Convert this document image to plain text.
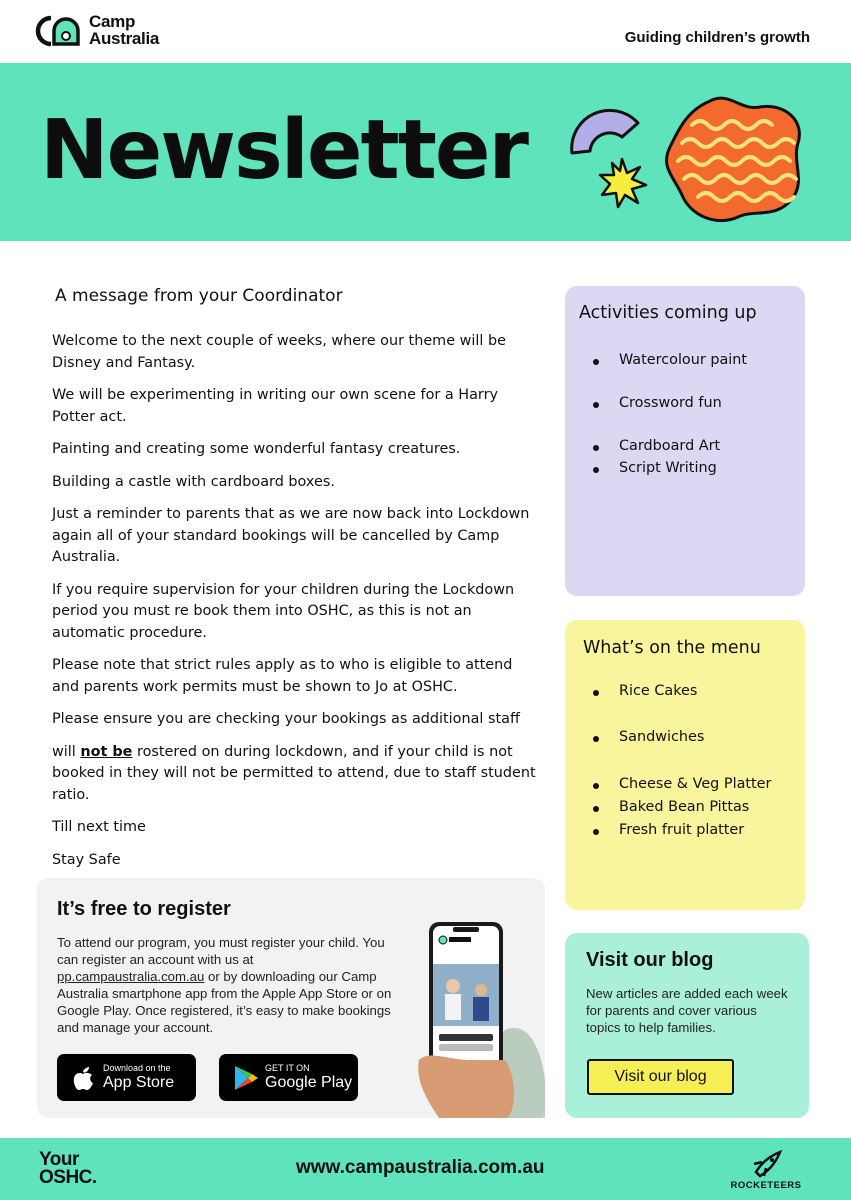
Camp
Australia	Guiding children’s growth
Newsletter
A message from your Coordinator

Welcome to the next couple of weeks, where our theme will be Disney and Fantasy.

We will be experimenting in writing our own scene for a Harry Potter act.

Painting and creating some wonderful fantasy creatures.

Building a castle with cardboard boxes.

Just a reminder to parents that as we are now back into Lockdown again all of your standard bookings will be cancelled by Camp Australia.

If you require supervision for your children during the Lockdown period you must re book them into OSHC, as this is not an automatic procedure.

Please note that strict rules apply as to who is eligible to attend and parents work permits must be shown to Jo at OSHC.

Please ensure you are checking your bookings as additional staff

will not be rostered on during lockdown, and if your child is not booked in they will not be permitted to attend, due to staff student ratio.

Till next time

Stay Safe

Activities coming up
Watercolour paint
Crossword fun
Cardboard Art
Script Writing
What’s on the menu
Rice Cakes
Sandwiches
Cheese & Veg Platter
Baked Bean Pittas
Fresh fruit platter
It’s free to register
To attend our program, you must register your child. You can register an account with us at pp.campaustralia.com.au or by downloading our Camp Australia smartphone app from the Apple App Store or on Google Play. Once registered, it’s easy to make bookings and manage your account.
Download on the
App Store
GET IT ON
Google Play
Visit our blog
New articles are added each week for parents and cover various topics to help families.
Visit our blog
Your
OSHC.	www.campaustralia.com.au
ROCKETEERS
